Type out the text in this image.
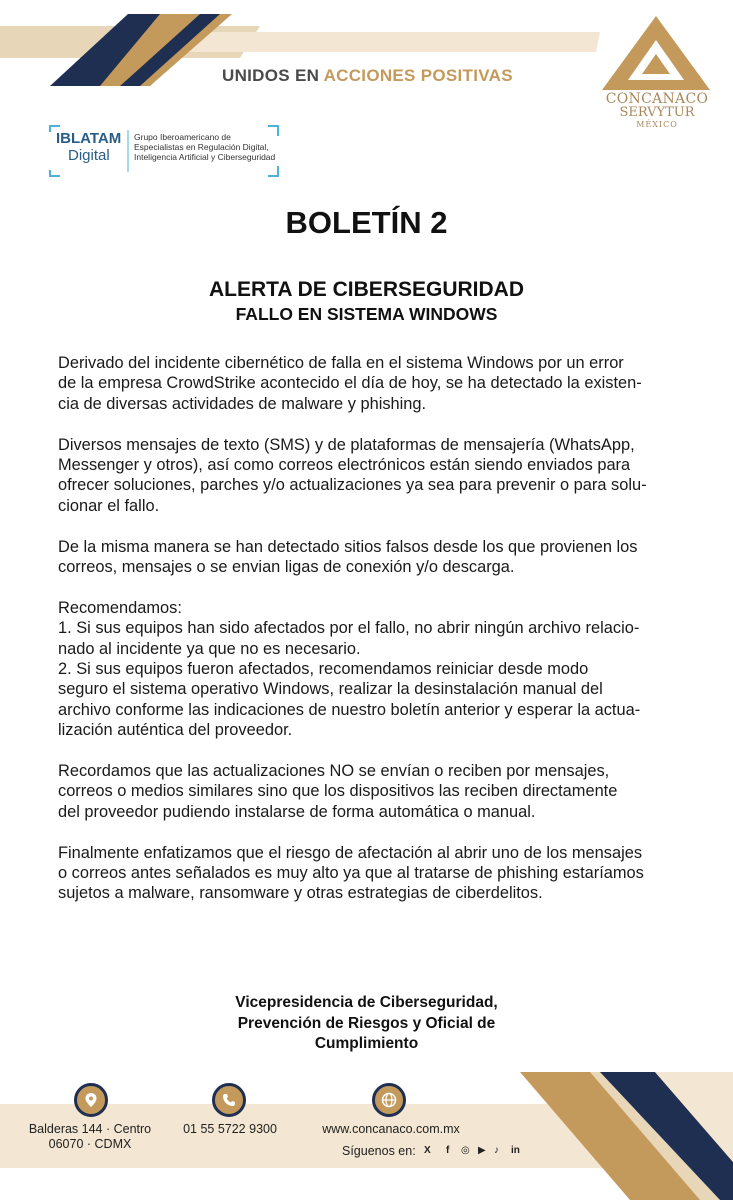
UNIDOS EN ACCIONES POSITIVAS
CONCANACO
SERVYTUR
MÉXICO
IBLATAM
Digital
Grupo Iberoamericano de
Especialistas en Regulación Digital,
Inteligencia Artificial y Ciberseguridad
BOLETÍN 2
ALERTA DE CIBERSEGURIDAD
FALLO EN SISTEMA WINDOWS

Derivado del incidente cibernético de falla en el sistema Windows por un error
de la empresa CrowdStrike acontecido el día de hoy, se ha detectado la existen-
cia de diversas actividades de malware y phishing.

Diversos mensajes de texto (SMS) y de plataformas de mensajería (WhatsApp,
Messenger y otros), así como correos electrónicos están siendo enviados para
ofrecer soluciones, parches y/o actualizaciones ya sea para prevenir o para solu-
cionar el fallo.

De la misma manera se han detectado sitios falsos desde los que provienen los
correos, mensajes o se envian ligas de conexión y/o descarga.

Recomendamos:
1. Si sus equipos han sido afectados por el fallo, no abrir ningún archivo relacio-
nado al incidente ya que no es necesario.
2. Si sus equipos fueron afectados, recomendamos reiniciar desde modo
seguro el sistema operativo Windows, realizar la desinstalación manual del
archivo conforme las indicaciones de nuestro boletín anterior y esperar la actua-
lización auténtica del proveedor.

Recordamos que las actualizaciones NO se envían o reciben por mensajes,
correos o medios similares sino que los dispositivos las reciben directamente
del proveedor pudiendo instalarse de forma automática o manual.

Finalmente enfatizamos que el riesgo de afectación al abrir uno de los mensajes
o correos antes señalados es muy alto ya que al tratarse de phishing estaríamos
sujetos a malware, ransomware y otras estrategias de ciberdelitos.

Vicepresidencia de Ciberseguridad,
Prevención de Riesgos y Oficial de
Cumplimiento
Balderas 144 · Centro
06070 · CDMX
01 55 5722 9300	www.concanaco.com.mx
Síguenos en: X f ◎ ▶ ♪ in
